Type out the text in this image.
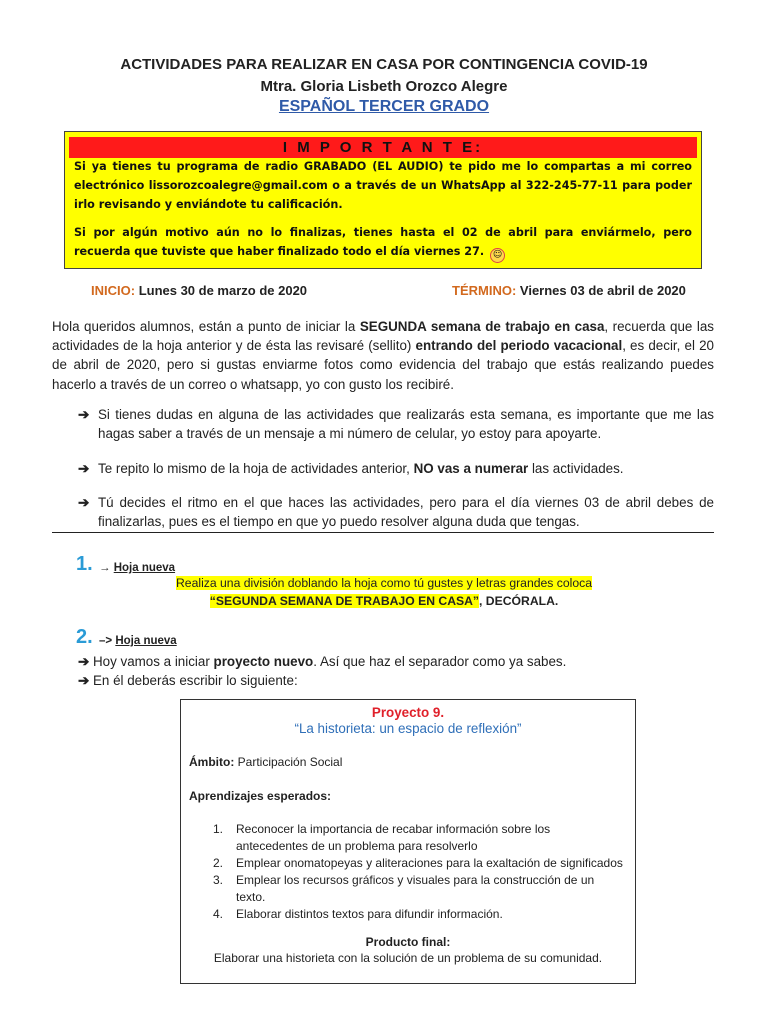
ACTIVIDADES PARA REALIZAR EN CASA POR CONTINGENCIA COVID-19
Mtra. Gloria Lisbeth Orozco Alegre
ESPAÑOL TERCER GRADO
I M P O R T A N T E:
Si ya tienes tu programa de radio GRABADO (EL AUDIO) te pido me lo compartas a mi correo electrónico lissorozcoalegre@gmail.com o a través de un WhatsApp al 322-245-77-11 para poder irlo revisando y enviándote tu calificación.
Si por algún motivo aún no lo finalizas, tienes hasta el 02 de abril para enviármelo, pero recuerda que tuviste que haber finalizado todo el día viernes 27. ☺
INICIO: Lunes 30 de marzo de 2020	TÉRMINO: Viernes 03 de abril de 2020
Hola queridos alumnos, están a punto de iniciar la SEGUNDA semana de trabajo en casa, recuerda que las actividades de la hoja anterior y de ésta las revisaré (sellito) entrando del periodo vacacional, es decir, el 20 de abril de 2020, pero si gustas enviarme fotos como evidencia del trabajo que estás realizando puedes hacerlo a través de un correo o whatsapp, yo con gusto los recibiré.
➔ Si tienes dudas en alguna de las actividades que realizarás esta semana, es importante que me las hagas saber a través de un mensaje a mi número de celular, yo estoy para apoyarte.
➔ Te repito lo mismo de la hoja de actividades anterior, NO vas a numerar las actividades.
➔ Tú decides el ritmo en el que haces las actividades, pero para el día viernes 03 de abril debes de finalizarlas, pues es el tiempo en que yo puedo resolver alguna duda que tengas.
1. → Hoja nueva
Realiza una división doblando la hoja como tú gustes y letras grandes coloca
“SEGUNDA SEMANA DE TRABAJO EN CASA”, DECÓRALA.
2. –> Hoja nueva
➔ Hoy vamos a iniciar proyecto nuevo. Así que haz el separador como ya sabes.
➔ En él deberás escribir lo siguiente:
Proyecto 9.
“La historieta: un espacio de reflexión”
Ámbito: Participación Social
Aprendizajes esperados:
1. Reconocer la importancia de recabar información sobre los antecedentes de un problema para resolverlo
2. Emplear onomatopeyas y aliteraciones para la exaltación de significados
3. Emplear los recursos gráficos y visuales para la construcción de un texto.
4. Elaborar distintos textos para difundir información.
Producto final:
Elaborar una historieta con la solución de un problema de su comunidad.
